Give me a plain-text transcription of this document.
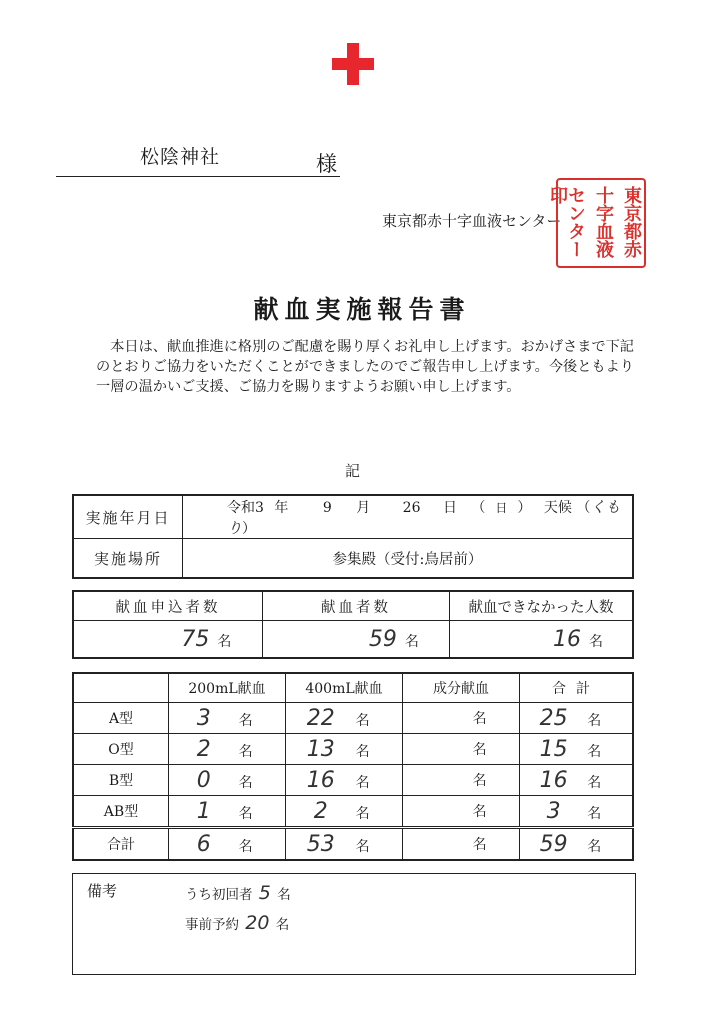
松陰神社	様
東京都赤十字血液センター	東京都赤
十字血液
センター印
献血実施報告書
本日は、献血推進に格別のご配慮を賜り厚くお礼申し上げます。おかげさまで下記のとおりご協力をいただくことができましたのでご報告申し上げます。今後ともより一層の温かいご支援、ご協力を賜りますようお願い申し上げます。
記
実施年月日	令和3 年 9 月 26 日 （ 日 ） 天候 （くもり）
実施場所	参集殿（受付:鳥居前）
献血申込者数	献血者数	献血できなかった人数
75 名	59 名	16 名
	200mL献血	400mL献血	成分献血	合計
A型	3 名	22 名	名	25 名
O型	2 名	13 名	名	15 名
B型	0 名	16 名	名	16 名
AB型	1 名	2 名	名	3 名
合計	6 名	53 名	名	59 名
備考	うち初回者 5 名
事前予約 20 名
